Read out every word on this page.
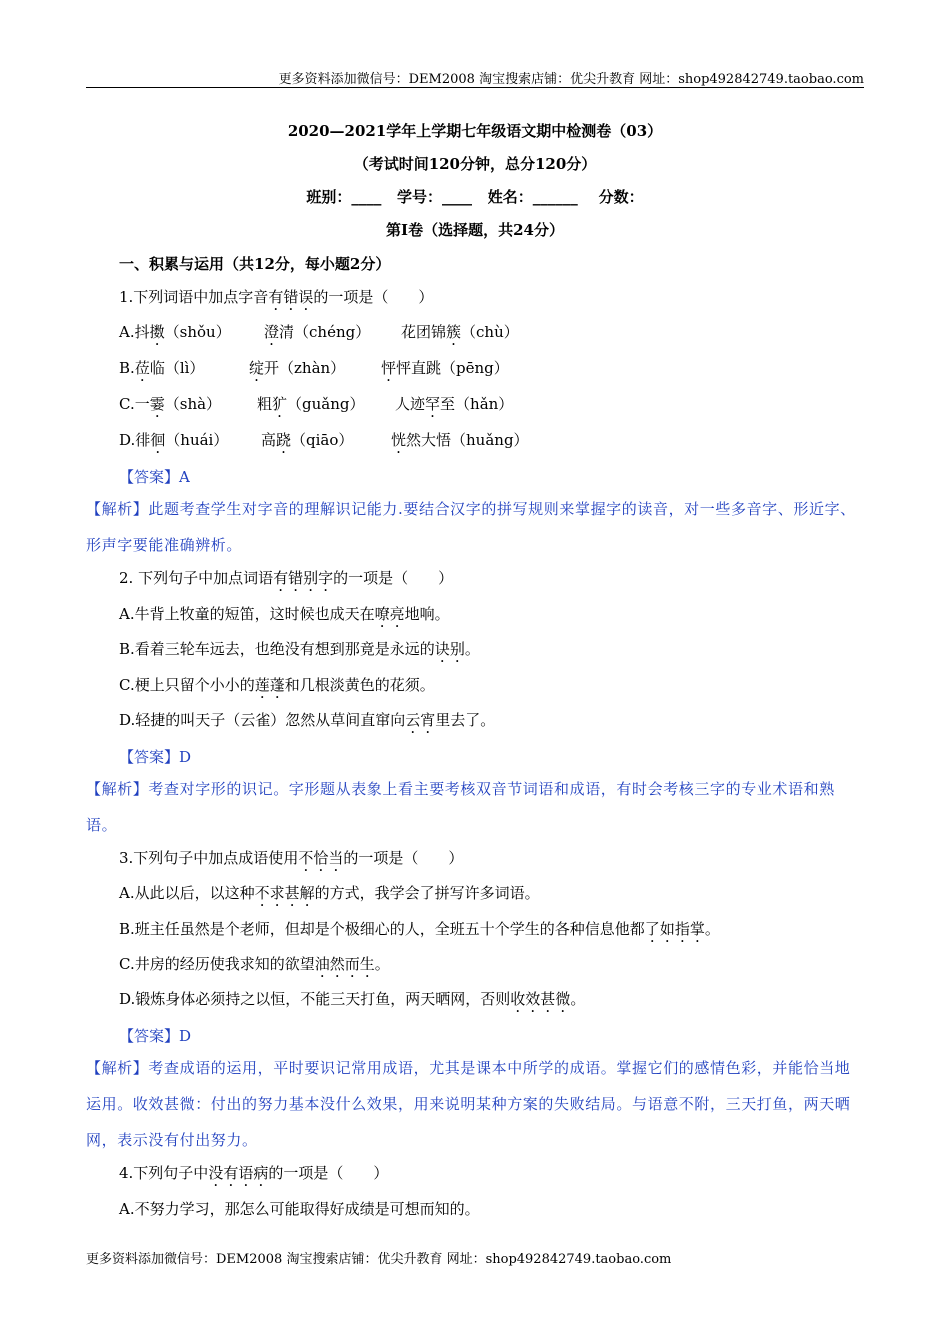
更多资料添加微信号：DEM2008 淘宝搜索店铺：优尖升教育 网址：shop492842749.taobao.com
2020—2021学年上学期七年级语文期中检测卷（03）
（考试时间120分钟，总分120分）
班别：____   学号：____   姓名：______    分数：
第Ⅰ卷（选择题，共24分）
一、积累与运用（共12分，每小题2分）
1.下列词语中加点字音有错误的一项是（　　）
A.抖擞（shǒu） 澄清（chéng） 花团锦簇（chù）
B.莅临（lì）	绽开（zhàn） 怦怦直跳（pēng）
C.一霎（shà） 粗犷（guǎng） 人迹罕至（hǎn）
D.徘徊（huái） 高跷（qiāo）	恍然大悟（huǎng）
【答案】A
【解析】此题考查学生对字音的理解识记能力.要结合汉字的拼写规则来掌握字的读音，对一些多音字、形近字、形声字要能准确辨析。
2. 下列句子中加点词语有错别字的一项是（　　）
A.牛背上牧童的短笛，这时候也成天在嘹亮地响。
B.看着三轮车远去，也绝没有想到那竟是永远的诀别。
C.梗上只留个小小的莲蓬和几根淡黄色的花须。
D.轻捷的叫天子（云雀）忽然从草间直窜向云宵里去了。
【答案】D
【解析】考查对字形的识记。字形题从表象上看主要考核双音节词语和成语，有时会考核三字的专业术语和熟语。
3.下列句子中加点成语使用不恰当的一项是（　　）
A.从此以后，以这种不求甚解的方式，我学会了拼写许多词语。
B.班主任虽然是个老师，但却是个极细心的人，全班五十个学生的各种信息他都了如指掌。
C.井房的经历使我求知的欲望油然而生。
D.锻炼身体必须持之以恒，不能三天打鱼，两天晒网，否则收效甚微。
【答案】D
【解析】考查成语的运用，平时要识记常用成语，尤其是课本中所学的成语。掌握它们的感情色彩，并能恰当地运用。收效甚微：付出的努力基本没什么效果，用来说明某种方案的失败结局。与语意不附，三天打鱼，两天晒网，表示没有付出努力。
4.下列句子中没有语病的一项是（　　）
A.不努力学习，那怎么可能取得好成绩是可想而知的。
更多资料添加微信号：DEM2008 淘宝搜索店铺：优尖升教育 网址：shop492842749.taobao.com
